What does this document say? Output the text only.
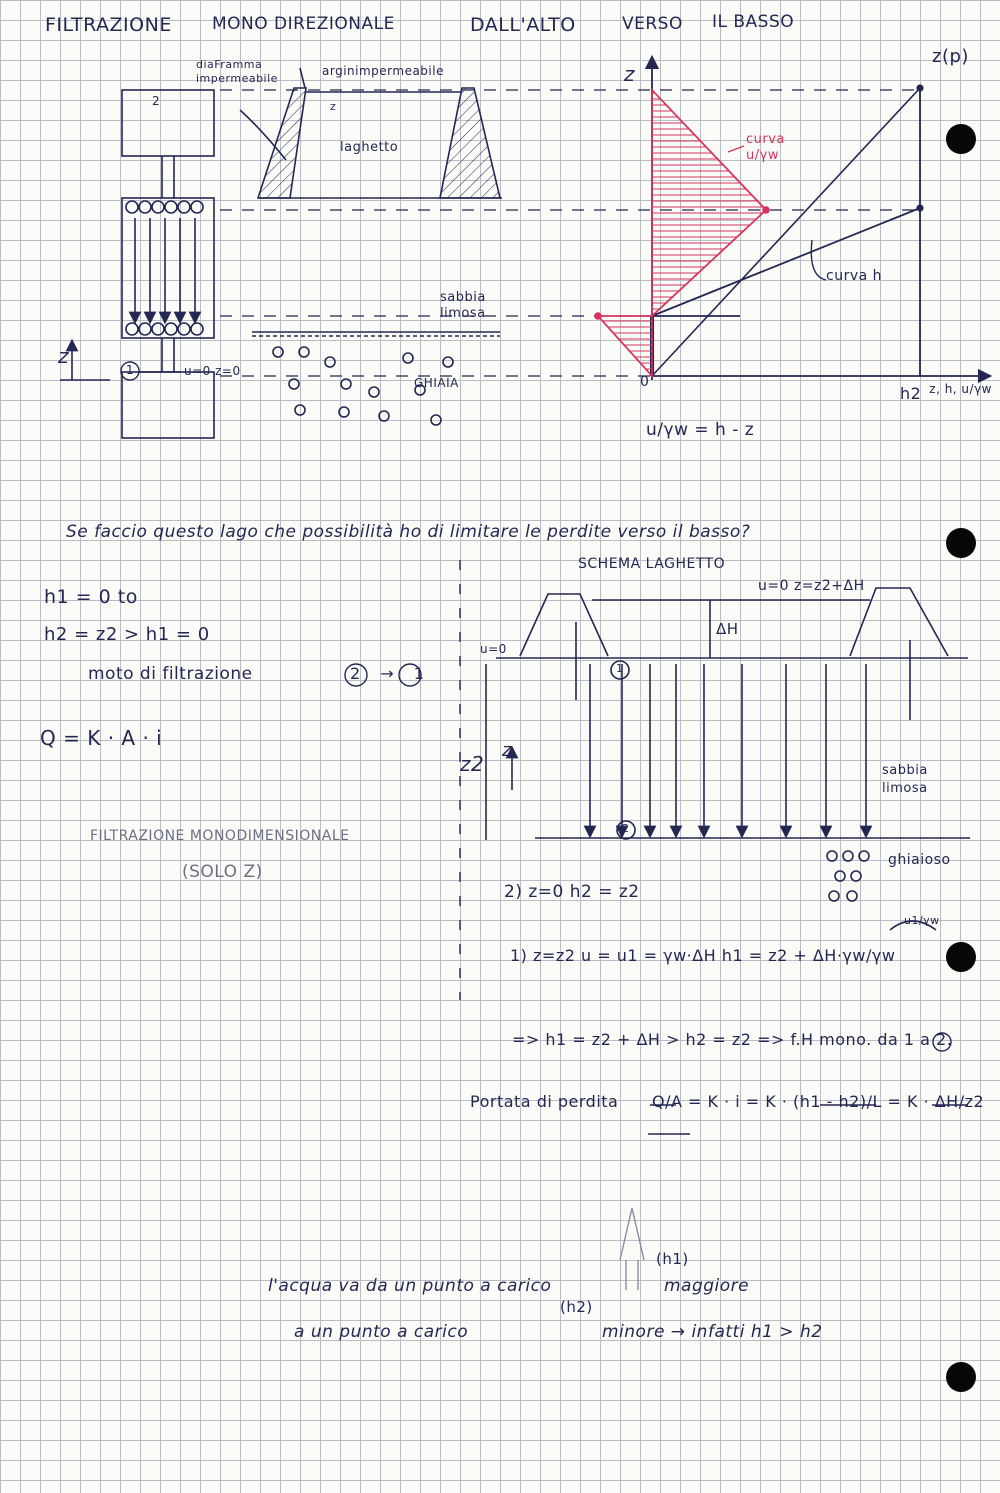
FILTRAZIONE MONO DIREZIONALE	DALL'ALTO	VERSO IL BASSO
diaFramma impermeabile
arginimpermeabile
laghetto
z
sabbia limosa
GHIAIA
u=0 z=0
1
2
z
z
z(p)
z, h, u/γw
h2
0
curva u/γw
curva h
u/γw = h - z
Se faccio questo lago che possibilità ho di limitare le perdite verso il basso?
h1 = 0 to
h2 = z2 > h1 = 0
moto di filtrazione	2 → 1
Q = K · A · i
FILTRAZIONE MONODIMENSIONALE
(SOLO Z)
SCHEMA LAGHETTO
u=0 z=z2+ΔH
ΔH
u=0
z2
z
sabbia limosa
ghiaioso
1
2
2) z=0 h2 = z2
u1/γw
1) z=z2 u = u1 = γw·ΔH h1 = z2 + ΔH·γw/γw
=> h1 = z2 + ΔH > h2 = z2 => f.H mono. da 1 a 2.
Portata di perdita Q/A = K · i = K · (h1 - h2)/L = K · ΔH/z2
l'acqua va da un punto a carico
(h1)
maggiore
a un punto a carico
(h2)
minore → infatti h1 > h2
